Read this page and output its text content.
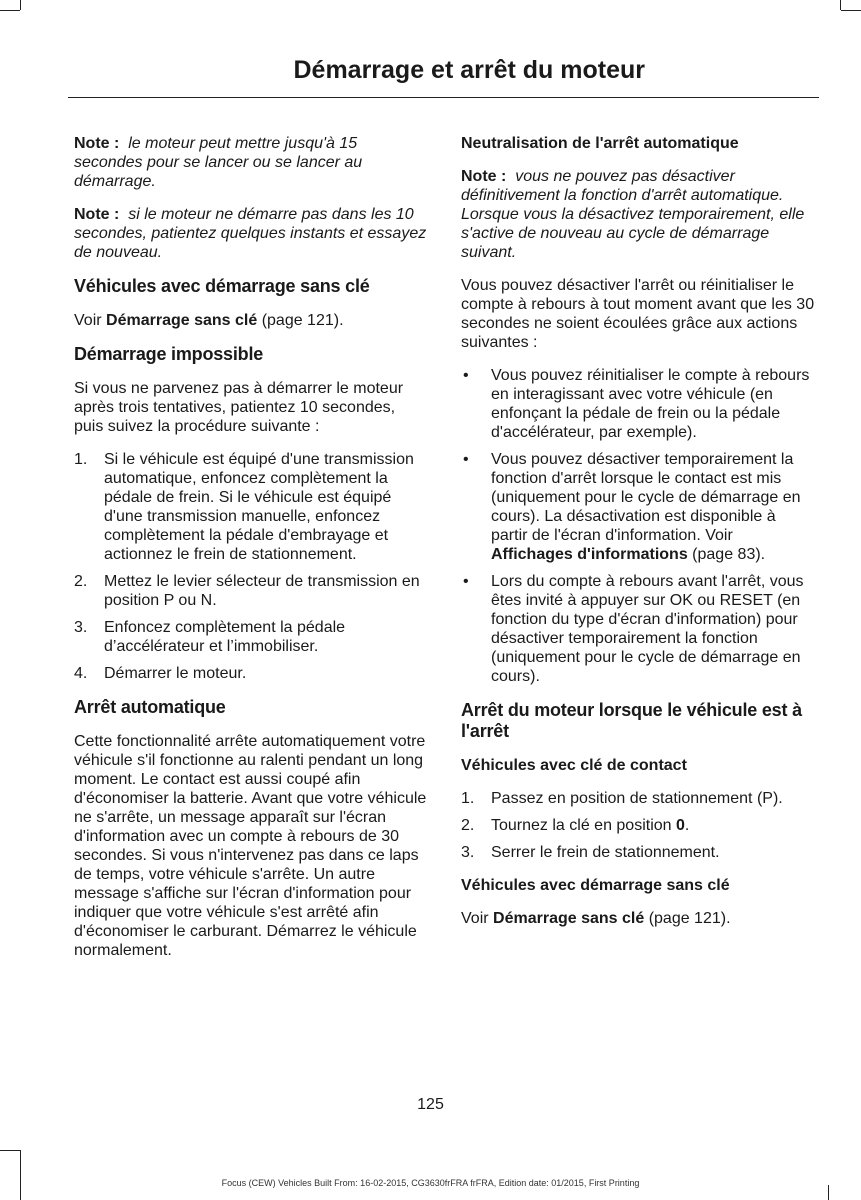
Démarrage et arrêt du moteur

Note : le moteur peut mettre jusqu'à 15 secondes pour se lancer ou se lancer au démarrage.

Note : si le moteur ne démarre pas dans les 10 secondes, patientez quelques instants et essayez de nouveau.

Véhicules avec démarrage sans clé

Voir Démarrage sans clé (page 121).

Démarrage impossible

Si vous ne parvenez pas à démarrer le moteur après trois tentatives, patientez 10 secondes, puis suivez la procédure suivante :

1. Si le véhicule est équipé d'une transmission automatique, enfoncez complètement la pédale de frein. Si le véhicule est équipé d'une transmission manuelle, enfoncez complètement la pédale d'embrayage et actionnez le frein de stationnement.
2. Mettez le levier sélecteur de transmission en position P ou N.
3. Enfoncez complètement la pédale d’accélérateur et l’immobiliser.
4. Démarrer le moteur.
Arrêt automatique

Cette fonctionnalité arrête automatiquement votre véhicule s'il fonctionne au ralenti pendant un long moment. Le contact est aussi coupé afin d'économiser la batterie. Avant que votre véhicule ne s'arrête, un message apparaît sur l'écran d'information avec un compte à rebours de 30 secondes. Si vous n'intervenez pas dans ce laps de temps, votre véhicule s'arrête. Un autre message s'affiche sur l'écran d'information pour indiquer que votre véhicule s'est arrêté afin d'économiser le carburant. Démarrez le véhicule normalement.

Neutralisation de l'arrêt automatique

Note : vous ne pouvez pas désactiver définitivement la fonction d'arrêt automatique. Lorsque vous la désactivez temporairement, elle s'active de nouveau au cycle de démarrage suivant.

Vous pouvez désactiver l'arrêt ou réinitialiser le compte à rebours à tout moment avant que les 30 secondes ne soient écoulées grâce aux actions suivantes :

• Vous pouvez réinitialiser le compte à rebours en interagissant avec votre véhicule (en enfonçant la pédale de frein ou la pédale d'accélérateur, par exemple).
• Vous pouvez désactiver temporairement la fonction d'arrêt lorsque le contact est mis (uniquement pour le cycle de démarrage en cours). La désactivation est disponible à partir de l'écran d'information. Voir Affichages d'informations (page 83).
• Lors du compte à rebours avant l'arrêt, vous êtes invité à appuyer sur OK ou RESET (en fonction du type d'écran d'information) pour désactiver temporairement la fonction (uniquement pour le cycle de démarrage en cours).
Arrêt du moteur lorsque le véhicule est à l'arrêt
Véhicules avec clé de contact
1. Passez en position de stationnement (P).
2. Tournez la clé en position 0.
3. Serrer le frein de stationnement.
Véhicules avec démarrage sans clé

Voir Démarrage sans clé (page 121).

125
Focus (CEW) Vehicles Built From: 16-02-2015, CG3630frFRA frFRA, Edition date: 01/2015, First Printing
